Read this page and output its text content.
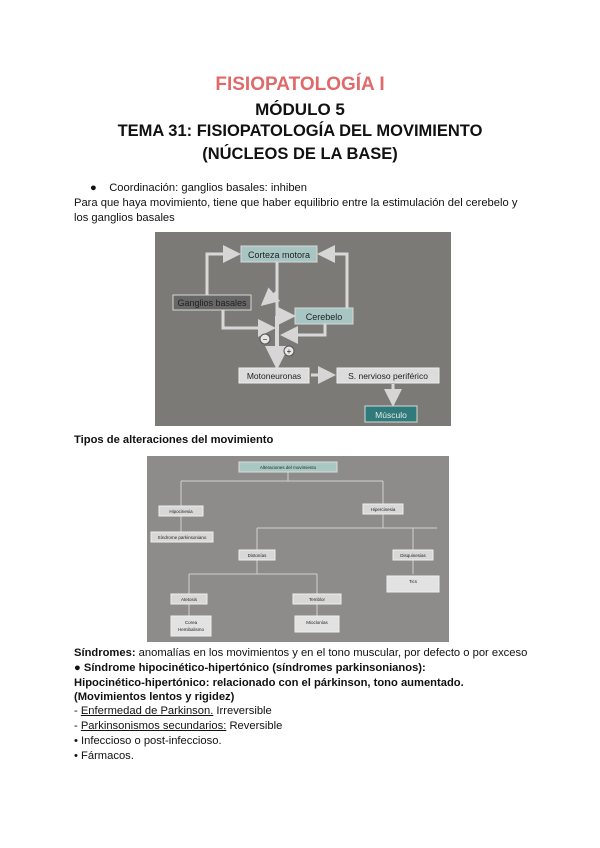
FISIOPATOLOGÍA I

MÓDULO 5

TEMA 31: FISIOPATOLOGÍA DEL MOVIMIENTO

(NÚCLEOS DE LA BASE)

●    Coordinación: ganglios basales: inhiben

Para que haya movimiento, tiene que haber equilibrio entre la estimulación del cerebelo y

los ganglios basales

Corteza motora
Ganglios basales
Cerebelo
−
+
Motoneuronas	S. nervioso periférico
Músculo

Tipos de alteraciones del movimiento

Alteraciones del movimiento
Hipocinesia	Hipercinesia
Síndrome parkinsoniano
Distonías	Disquinesias
Tics
Atetosis	Temblor
Corea
Hemibalismo
Mioclonías

Síndromes: anomalías en los movimientos y en el tono muscular, por defecto o por exceso

● Síndrome hipocinético-hipertónico (síndromes parkinsonianos):

Hipocinético-hipertónico: relacionado con el párkinson, tono aumentado.

(Movimientos lentos y rigidez)

- Enfermedad de Parkinson. Irreversible

- Parkinsonismos secundarios: Reversible

• Infeccioso o post-infeccioso.

• Fármacos.
